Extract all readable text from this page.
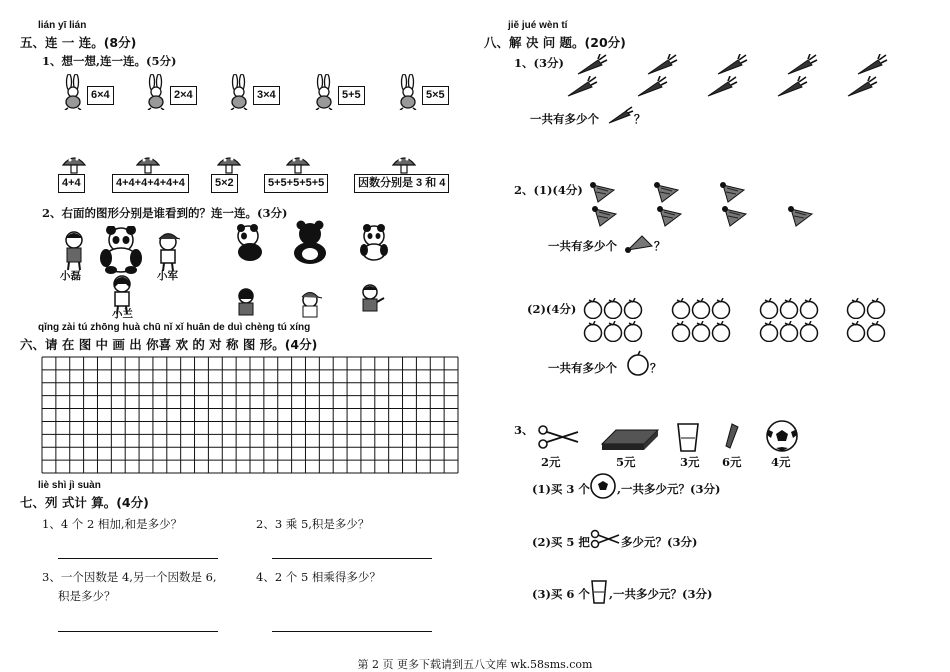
lián yī lián
五、连 一 连。(8分)
1、想一想,连一连。(5分)
6×4	2×4	3×4	5+5	5×5
4+4	4+4+4+4+4+4	5×2	5+5+5+5+5	因数分别是 3 和 4
2、右面的图形分别是谁看到的？连一连。(3分)
小磊	小军
小兰
qǐng zài tú zhōng huà chū nǐ xǐ huān de duì chèng tú xíng
六、请 在 图 中 画 出 你喜 欢 的 对 称 图 形。(4分)
liè shì jì suàn
七、列 式计 算。(4分)
1、4 个 2 相加,和是多少？	2、3 乘 5,积是多少？
3、一个因数是 4,另一个因数是 6,
积是多少？
4、2 个 5 相乘得多少？
jiě jué wèn tí
八、解 决 问 题。(20分)
1、(3分)
一共有多少个	？
2、(1)(4分)
一共有多少个	？
(2)(4分)
一共有多少个	？
3、
2元	5元	3元 6元	4元
(1)买 3 个 ,一共多少元？(3分)
(2)买 5 把	多少元？(3分)
(3)买 6 个 ,一共多少元？(3分)
第 2 页 更多下载请到五八文库 wk.58sms.com
